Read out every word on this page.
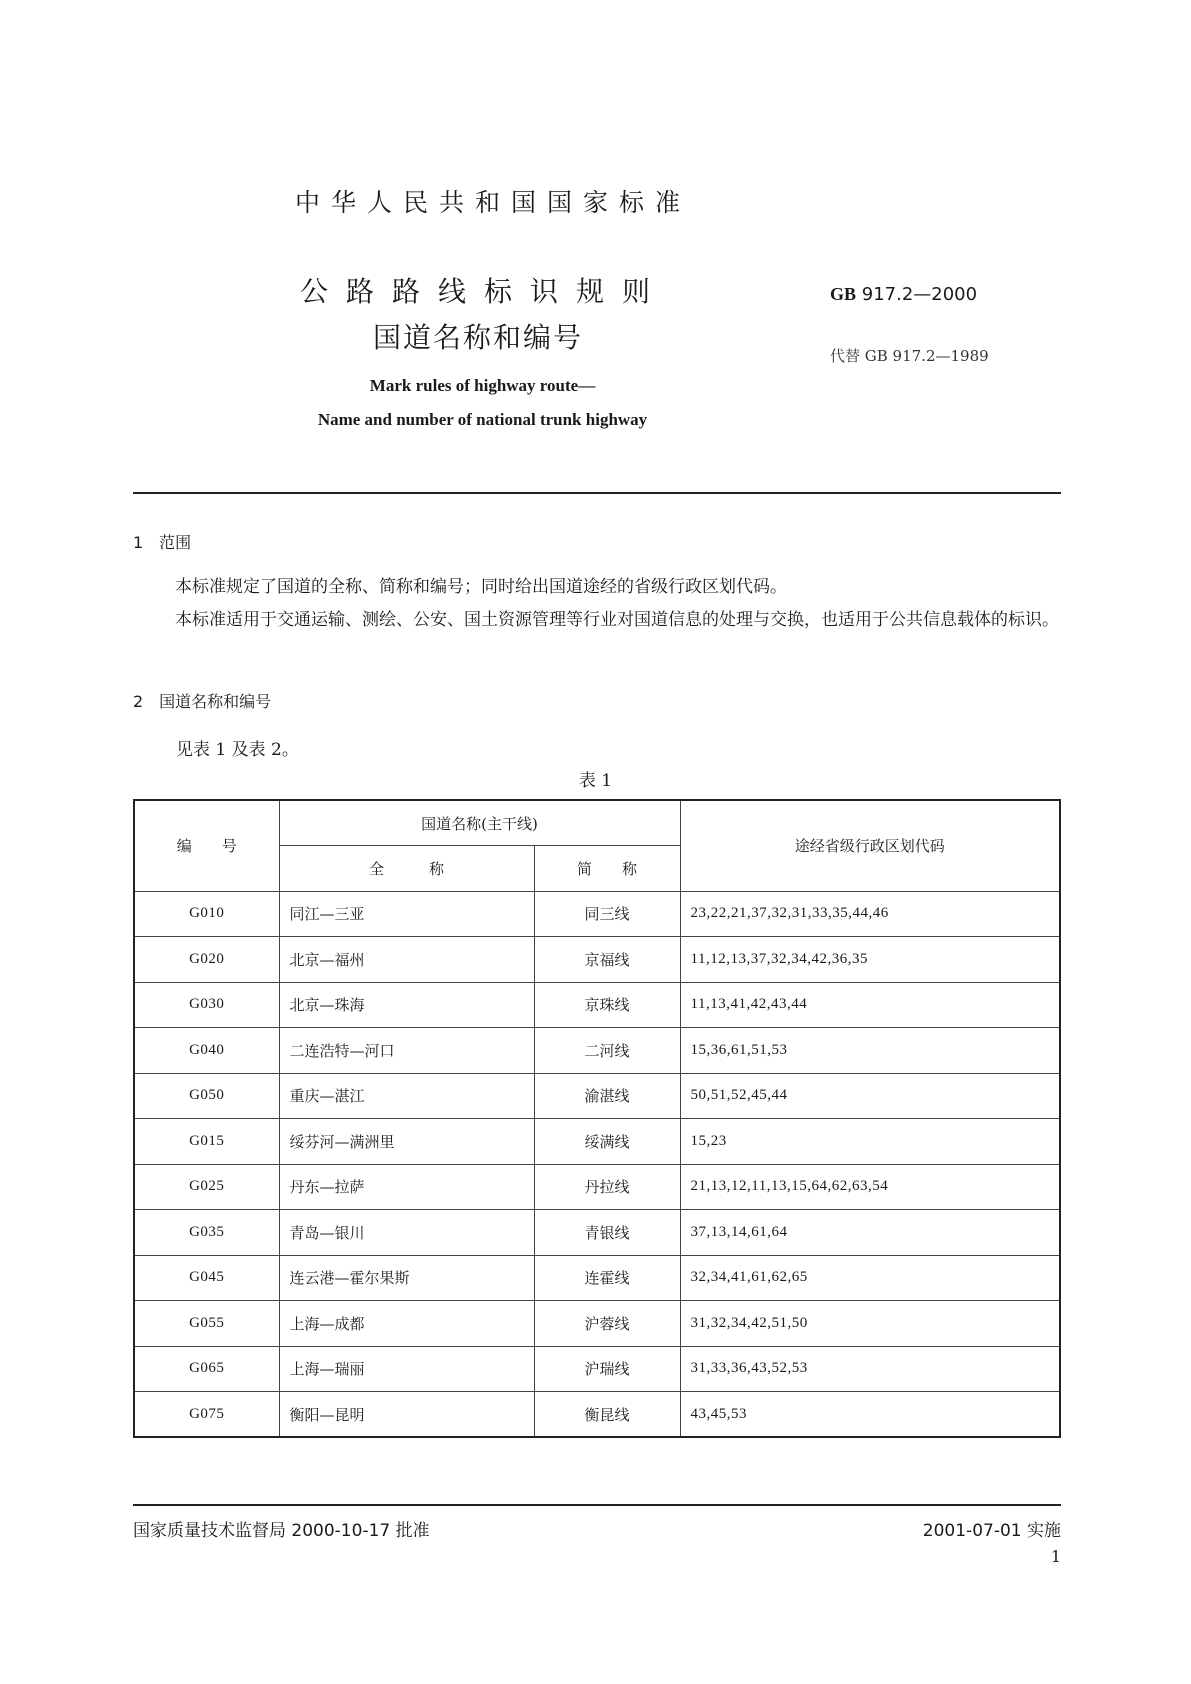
中华人民共和国国家标准
公路路线标识规则
国道名称和编号
Mark rules of highway route—
Name and number of national trunk highway
GB 917.2—2000
代替 GB 917.2—1989
1　范围
本标准规定了国道的全称、简称和编号；同时给出国道途经的省级行政区划代码。
本标准适用于交通运输、测绘、公安、国土资源管理等行业对国道信息的处理与交换，也适用于公共信息载体的标识。
2　国道名称和编号
见表 1 及表 2。
表 1
编　　号	国道名称(主干线)		途经省级行政区划代码
	全　　　称	简　　称	
G010	同江—三亚	同三线	23,22,21,37,32,31,33,35,44,46
G020	北京—福州	京福线	11,12,13,37,32,34,42,36,35
G030	北京—珠海	京珠线	11,13,41,42,43,44
G040	二连浩特—河口	二河线	15,36,61,51,53
G050	重庆—湛江	渝湛线	50,51,52,45,44
G015	绥芬河—满洲里	绥满线	15,23
G025	丹东—拉萨	丹拉线	21,13,12,11,13,15,64,62,63,54
G035	青岛—银川	青银线	37,13,14,61,64
G045	连云港—霍尔果斯	连霍线	32,34,41,61,62,65
G055	上海—成都	沪蓉线	31,32,34,42,51,50
G065	上海—瑞丽	沪瑞线	31,33,36,43,52,53
G075	衡阳—昆明	衡昆线	43,45,53
国家质量技术监督局 2000-10-17 批准	2001-07-01 实施
1
